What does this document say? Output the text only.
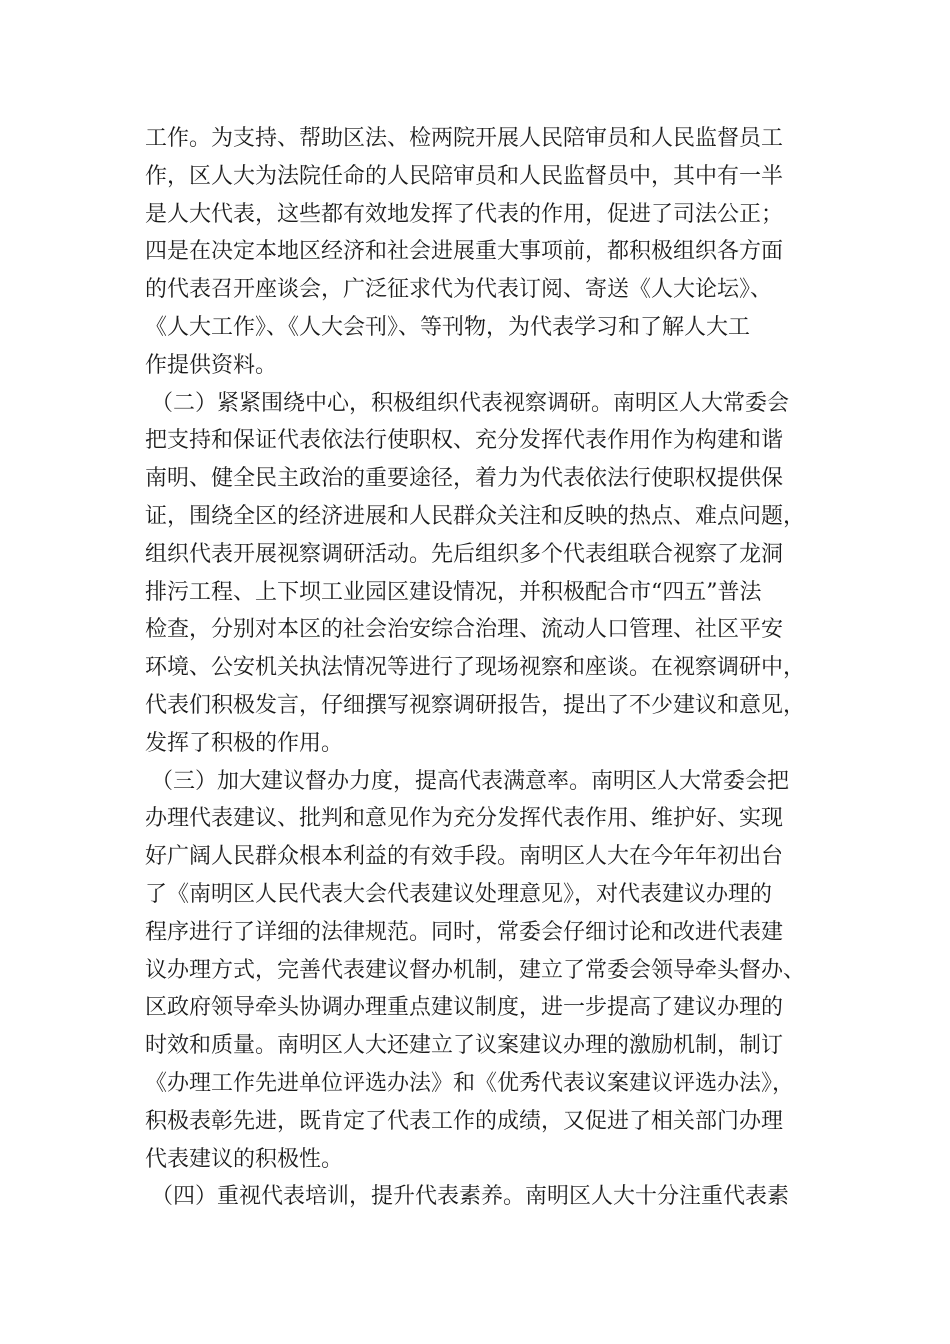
工作。为支持、帮助区法、检两院开展人民陪审员和人民监督员工
作，区人大为法院任命的人民陪审员和人民监督员中，其中有一半
是人大代表，这些都有效地发挥了代表的作用，促进了司法公正；
四是在决定本地区经济和社会进展重大事项前，都积极组织各方面
的代表召开座谈会，广泛征求代为代表订阅、寄送《人大论坛》、
《人大工作》、《人大会刊》、等刊物，为代表学习和了解人大工
作提供资料。
（二）紧紧围绕中心，积极组织代表视察调研。南明区人大常委会
把支持和保证代表依法行使职权、充分发挥代表作用作为构建和谐
南明、健全民主政治的重要途径，着力为代表依法行使职权提供保
证，围绕全区的经济进展和人民群众关注和反映的热点、难点问题，
组织代表开展视察调研活动。先后组织多个代表组联合视察了龙洞
排污工程、上下坝工业园区建设情况，并积极配合市“四五”普法
检查，分别对本区的社会治安综合治理、流动人口管理、社区平安
环境、公安机关执法情况等进行了现场视察和座谈。在视察调研中，
代表们积极发言，仔细撰写视察调研报告，提出了不少建议和意见，
发挥了积极的作用。
（三）加大建议督办力度，提高代表满意率。南明区人大常委会把
办理代表建议、批判和意见作为充分发挥代表作用、维护好、实现
好广阔人民群众根本利益的有效手段。南明区人大在今年年初出台
了《南明区人民代表大会代表建议处理意见》，对代表建议办理的
程序进行了详细的法律规范。同时，常委会仔细讨论和改进代表建
议办理方式，完善代表建议督办机制，建立了常委会领导牵头督办、
区政府领导牵头协调办理重点建议制度，进一步提高了建议办理的
时效和质量。南明区人大还建立了议案建议办理的激励机制，制订
《办理工作先进单位评选办法》和《优秀代表议案建议评选办法》，
积极表彰先进，既肯定了代表工作的成绩，又促进了相关部门办理
代表建议的积极性。
（四）重视代表培训，提升代表素养。南明区人大十分注重代表素
